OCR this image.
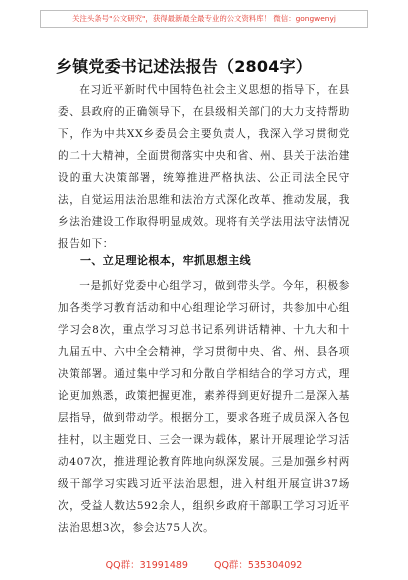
关注头条号"公文研究"，获得最新最全最专业的公文资料库！ 微信：gongwenyj
乡镇党委书记述法报告（2804字）

在习近平新时代中国特色社会主义思想的指导下，在县委、县政府的正确领导下，在县级相关部门的大力支持帮助下，作为中共XX乡委员会主要负责人，我深入学习贯彻党的二十大精神，全面贯彻落实中央和省、州、县关于法治建设的重大决策部署，统筹推进严格执法、公正司法全民守法，自觉运用法治思维和法治方式深化改革、推动发展，我乡法治建设工作取得明显成效。现将有关学法用法守法情况报告如下：

一、立足理论根本，牢抓思想主线

一是抓好党委中心组学习，做到带头学。今年，积极参加各类学习教育活动和中心组理论学习研讨，共参加中心组学习会8次，重点学习习总书记系列讲话精神、十九大和十九届五中、六中全会精神，学习贯彻中央、省、州、县各项决策部署。通过集中学习和分散自学相结合的学习方式，理论更加熟悉，政策把握更准，素养得到更好提升二是深入基层指导，做到带动学。根据分工，要求各班子成员深入各包挂村，以主题党日、三会一课为载体，累计开展理论学习活动407次，推进理论教育阵地向纵深发展。三是加强乡村两级干部学习实践习近平法治思想，进入村组开展宣讲37场次，受益人数达592余人，组织乡政府干部职工学习习近平法治思想3次，参会达75人次。

QQ群：31991489	QQ群：535304092
